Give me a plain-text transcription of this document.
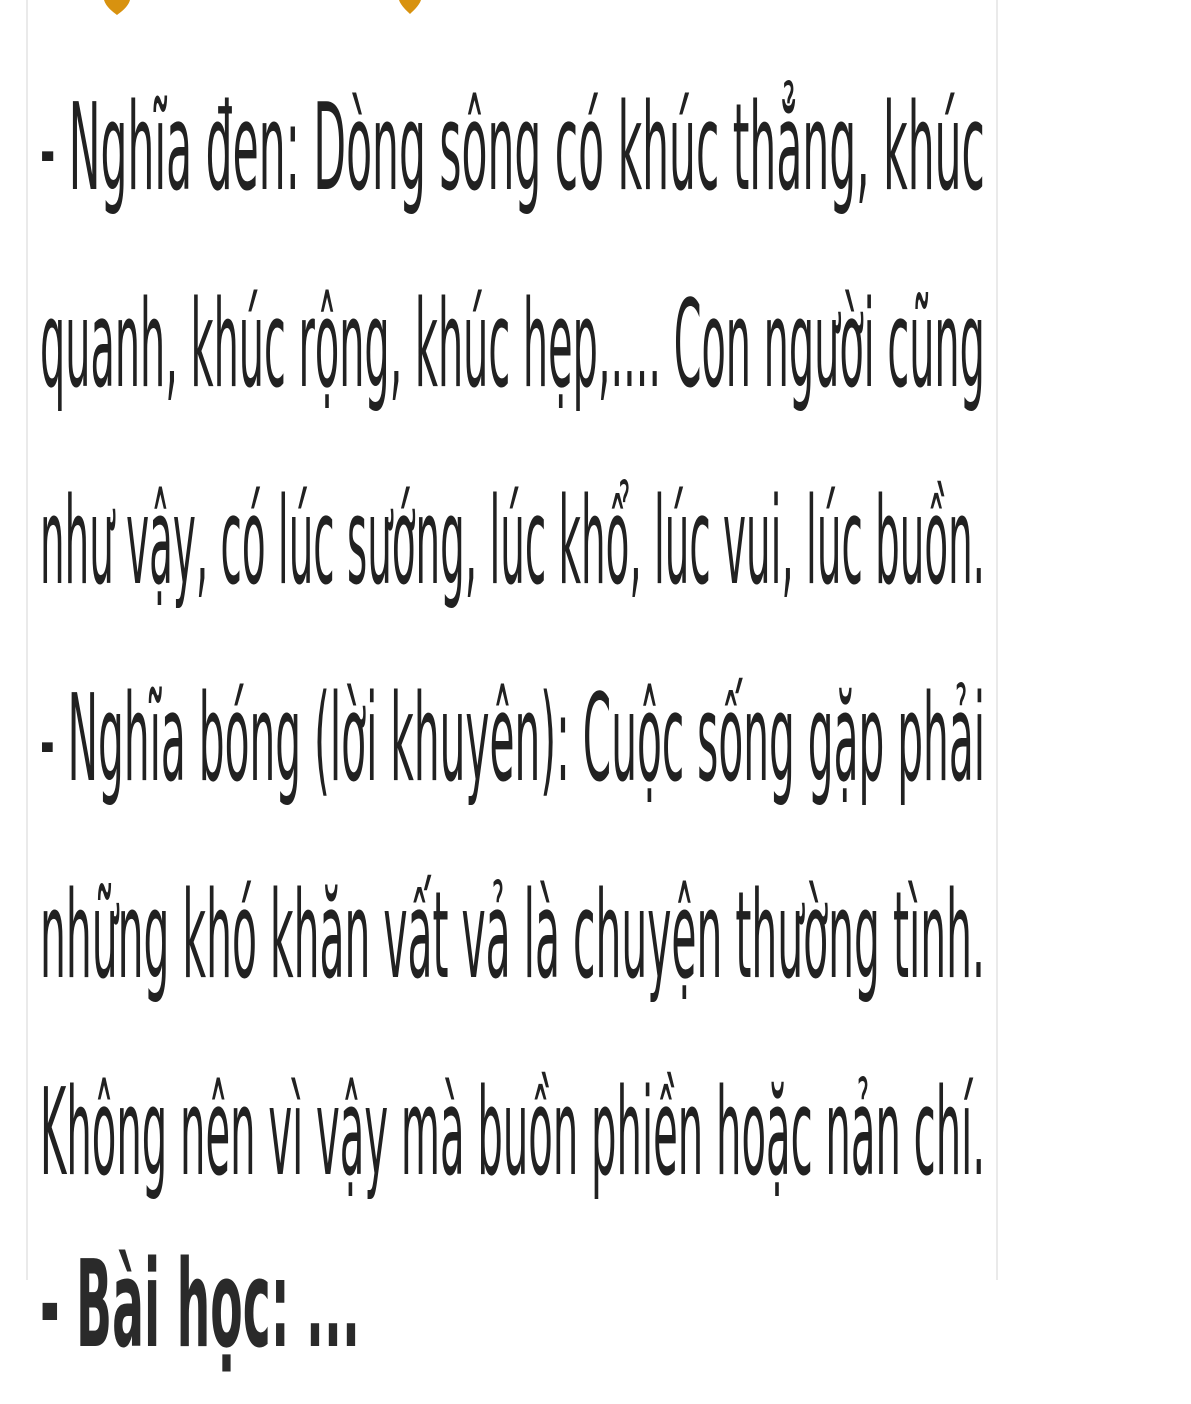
- Nghĩa đen: Dòng sông có khúc thẳng, khúc
quanh, khúc rộng, khúc hẹp,.... Con người cũng
như vậy, có lúc sướng, lúc khổ, lúc vui, lúc buồn.
- Nghĩa bóng (lời khuyên): Cuộc sống gặp phải
những khó khăn vất vả là chuyện thường tình.
Không nên vì vậy mà buồn phiền hoặc nản chí.
- Bài học: ...
